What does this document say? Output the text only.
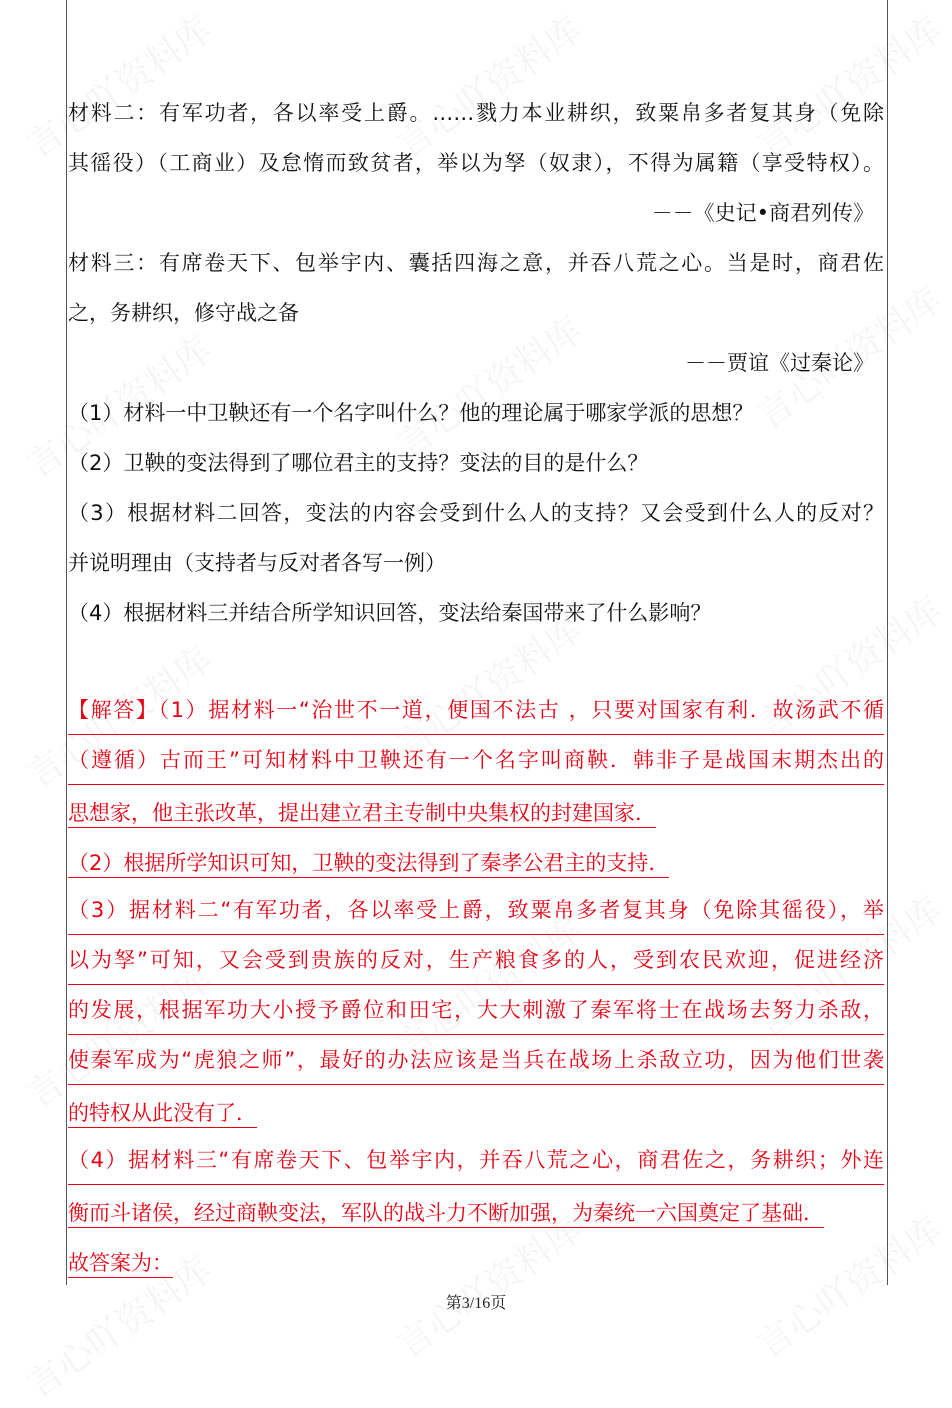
材料二：有军功者，各以率受上爵。……戮力本业耕织，致粟帛多者复其身（免除
其徭役）（工商业）及怠惰而致贫者，举以为孥（奴隶），不得为属籍（享受特权）。
－－《史记•商君列传》
材料三：有席卷天下、包举宇内、囊括四海之意，并吞八荒之心。当是时，商君佐
之，务耕织，修守战之备
－－贾谊《过秦论》
（1）材料一中卫鞅还有一个名字叫什么？他的理论属于哪家学派的思想？
（2）卫鞅的变法得到了哪位君主的支持？变法的目的是什么？
（3）根据材料二回答，变法的内容会受到什么人的支持？又会受到什么人的反对？
并说明理由（支持者与反对者各写一例）
（4）根据材料三并结合所学知识回答，变法给秦国带来了什么影响？
【解答】（1）据材料一“治世不一道，便国不法古 ，只要对国家有利．故汤武不循
（遵循）古而王”可知材料中卫鞅还有一个名字叫商鞅．韩非子是战国末期杰出的
思想家，他主张改革，提出建立君主专制中央集权的封建国家．
（2）根据所学知识可知，卫鞅的变法得到了秦孝公君主的支持．
（3）据材料二“有军功者，各以率受上爵，致粟帛多者复其身（免除其徭役），举
以为孥”可知，又会受到贵族的反对，生产粮食多的人，受到农民欢迎，促进经济
的发展，根据军功大小授予爵位和田宅，大大刺激了秦军将士在战场去努力杀敌，
使秦军成为“虎狼之师”，最好的办法应该是当兵在战场上杀敌立功，因为他们世袭
的特权从此没有了．
（4）据材料三“有席卷天下、包举宇内，并吞八荒之心，商君佐之，务耕织；外连
衡而斗诸侯，经过商鞅变法，军队的战斗力不断加强，为秦统一六国奠定了基础．
故答案为：
第3/16页
